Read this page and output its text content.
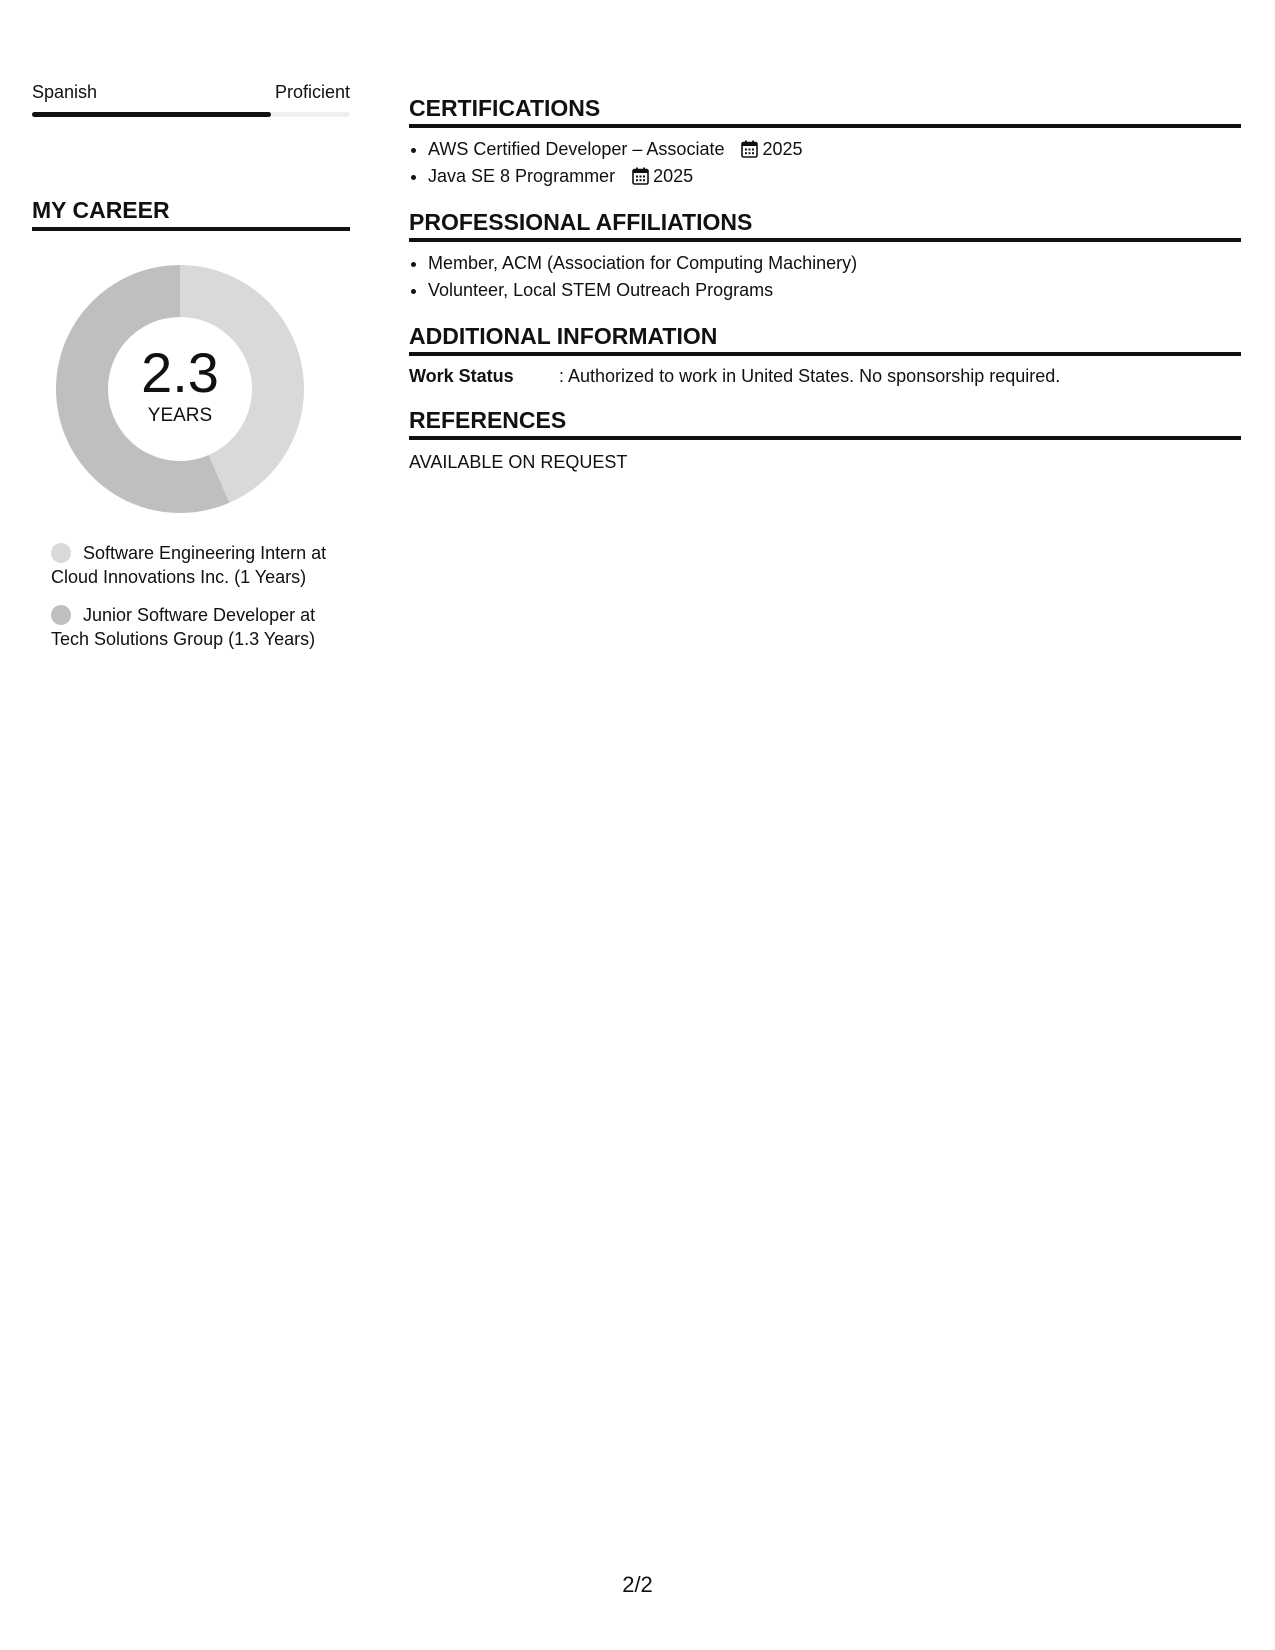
Spanish	Proficient
MY CAREER
2.3
YEARS
Software Engineering Intern at Cloud Innovations Inc. (1 Years)
Junior Software Developer at Tech Solutions Group (1.3 Years)
CERTIFICATIONS
• AWS Certified Developer – Associate 2025
• Java SE 8 Programmer 2025
PROFESSIONAL AFFILIATIONS
• Member, ACM (Association for Computing Machinery)
• Volunteer, Local STEM Outreach Programs
ADDITIONAL INFORMATION
Work Status	: Authorized to work in United States. No sponsorship required.
REFERENCES
AVAILABLE ON REQUEST
2/2
